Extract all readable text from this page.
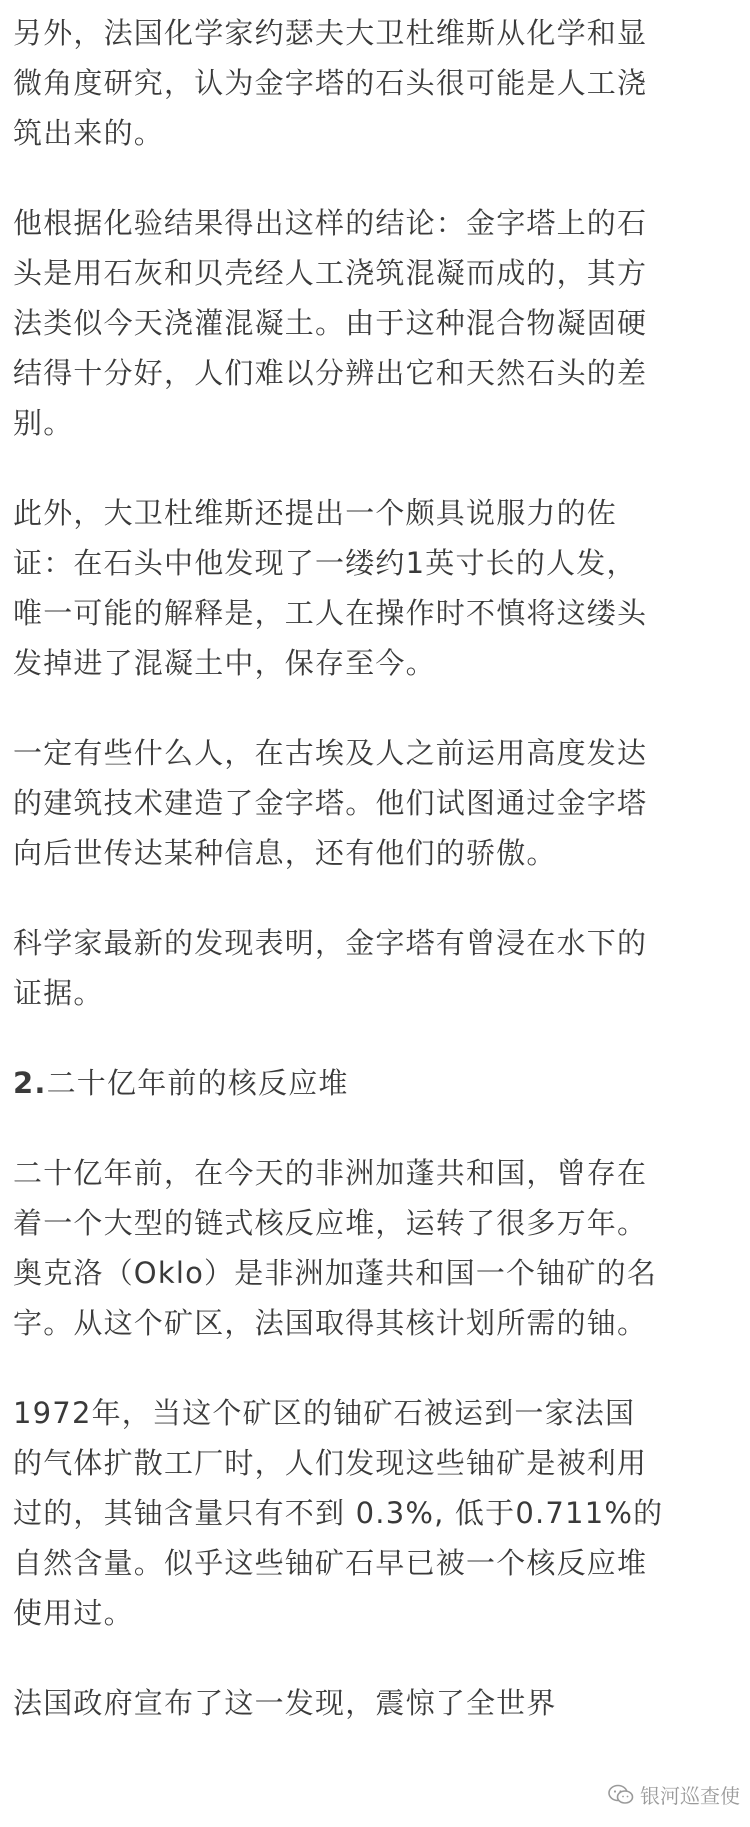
另外，法国化学家约瑟夫大卫杜维斯从化学和显
微角度研究，认为金字塔的石头很可能是人工浇
筑出来的。
他根据化验结果得出这样的结论：金字塔上的石
头是用石灰和贝壳经人工浇筑混凝而成的，其方
法类似今天浇灌混凝土。由于这种混合物凝固硬
结得十分好，人们难以分辨出它和天然石头的差
别。
此外，大卫杜维斯还提出一个颇具说服力的佐
证：在石头中他发现了一缕约1英寸长的人发，
唯一可能的解释是，工人在操作时不慎将这缕头
发掉进了混凝土中，保存至今。
一定有些什么人，在古埃及人之前运用高度发达
的建筑技术建造了金字塔。他们试图通过金字塔
向后世传达某种信息，还有他们的骄傲。
科学家最新的发现表明，金字塔有曾浸在水下的
证据。
2.二十亿年前的核反应堆
二十亿年前，在今天的非洲加蓬共和国，曾存在
着一个大型的链式核反应堆，运转了很多万年。
奥克洛（Oklo）是非洲加蓬共和国一个铀矿的名
字。从这个矿区，法国取得其核计划所需的铀。
1972年，当这个矿区的铀矿石被运到一家法国
的气体扩散工厂时，人们发现这些铀矿是被利用
过的，其铀含量只有不到 0.3%, 低于0.711%的
自然含量。似乎这些铀矿石早已被一个核反应堆
使用过。
法国政府宣布了这一发现，震惊了全世界
银河巡查使
